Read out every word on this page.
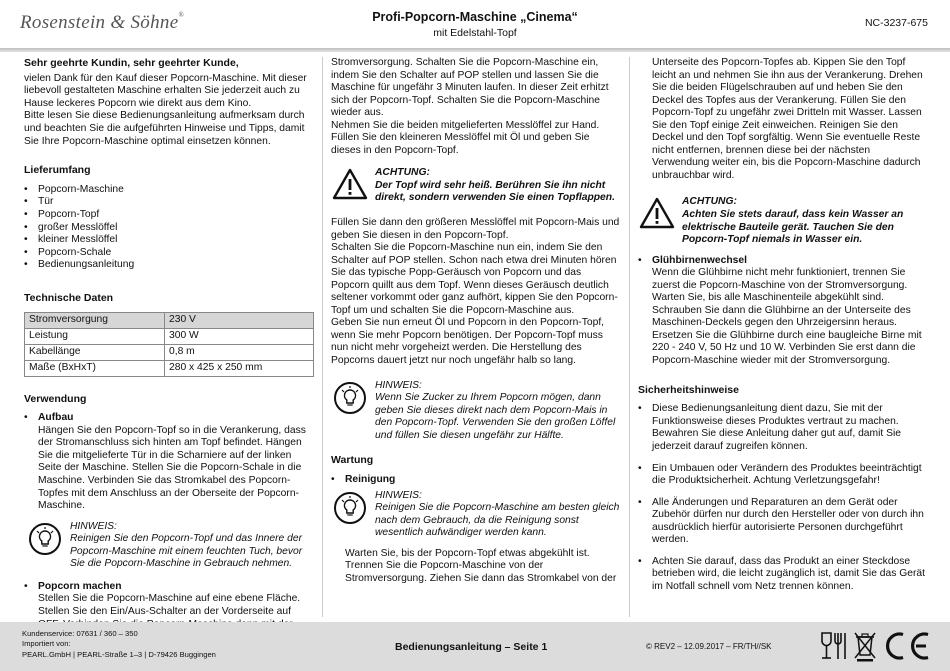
Rosenstein & Söhne®	Profi-Popcorn-Maschine „Cinema“
mit Edelstahl-Topf
NC-3237-675
Sehr geehrte Kundin, sehr geehrter Kunde,

vielen Dank für den Kauf dieser Popcorn-Maschine. Mit dieser liebevoll gestalteten Maschine erhalten Sie jederzeit auch zu Hause leckeres Popcorn wie direkt aus dem Kino.

Bitte lesen Sie diese Bedienungsanleitung aufmerksam durch und beachten Sie die aufgeführten Hinweise und Tipps, damit Sie Ihre Popcorn-Maschine optimal einsetzen können.

Lieferumfang
• Popcorn-Maschine
• Tür
• Popcorn-Topf
• großer Messlöffel
• kleiner Messlöffel
• Popcorn-Schale
• Bedienungsanleitung
Technische Daten
Stromversorgung	230 V
Leistung	300 W
Kabellänge	0,8 m
Maße (BxHxT)	280 x 425 x 250 mm
Verwendung
• Aufbau
Hängen Sie den Popcorn-Topf so in die Verankerung, dass der Stromanschluss sich hinten am Topf befindet. Hängen Sie die mitgelieferte Tür in die Scharniere auf der linken Seite der Maschine. Stellen Sie die Popcorn-Schale in die Maschine. Verbinden Sie das Stromkabel des Popcorn-Topfes mit dem Anschluss an der Oberseite der Popcorn-Maschine.
HINWEIS:
Reinigen Sie den Popcorn-Topf und das Innere der Popcorn-Maschine mit einem feuchten Tuch, bevor Sie die Popcorn-Maschine in Gebrauch nehmen.
• Popcorn machen
Stellen Sie die Popcorn-Maschine auf eine ebene Fläche. Stellen Sie den Ein/Aus-Schalter an der Vorderseite auf

Stromversorgung. Schalten Sie die Popcorn-Maschine ein, indem Sie den Schalter auf POP stellen und lassen Sie die Maschine für ungefähr 3 Minuten laufen. In dieser Zeit erhitzt sich der Popcorn-Topf. Schalten Sie die Popcorn-Maschine wieder aus.

Nehmen Sie die beiden mitgelieferten Messlöffel zur Hand. Füllen Sie den kleineren Messlöffel mit Öl und geben Sie dieses in den Popcorn-Topf.

ACHTUNG:
Der Topf wird sehr heiß. Berühren Sie ihn nicht direkt, sondern verwenden Sie einen Topflappen.

Füllen Sie dann den größeren Messlöffel mit Popcorn-Mais und geben Sie diesen in den Popcorn-Topf.

Schalten Sie die Popcorn-Maschine nun ein, indem Sie den Schalter auf POP stellen. Schon nach etwa drei Minuten hören Sie das typische Popp-Geräusch von Popcorn und das Popcorn quillt aus dem Topf. Wenn dieses Geräusch deutlich seltener vorkommt oder ganz aufhört, kippen Sie den Popcorn-Topf um und schalten Sie die Popcorn-Maschine aus.

Geben Sie nun erneut Öl und Popcorn in den Popcorn-Topf, wenn Sie mehr Popcorn benötigen. Der Popcorn-Topf muss nun nicht mehr vorgeheizt werden. Die Herstellung des Popcorns dauert jetzt nur noch ungefähr halb so lang.

HINWEIS:
Wenn Sie Zucker zu Ihrem Popcorn mögen, dann geben Sie dieses direkt nach dem Popcorn-Mais in den Popcorn-Topf. Verwenden Sie den großen Löffel und füllen Sie diesen ungefähr zur Hälfte.
Wartung
• Reinigung
HINWEIS:
Reinigen Sie die Popcorn-Maschine am besten gleich nach dem Gebrauch, da die Reinigung sonst wesentlich aufwändiger werden kann.

Warten Sie, bis der Popcorn-Topf etwas abgekühlt ist. Trennen Sie die Popcorn-Maschine von der Stromversorgung. Ziehen Sie dann das Stromkabel von der

Unterseite des Popcorn-Topfes ab. Kippen Sie den Topf leicht an und nehmen Sie ihn aus der Verankerung. Drehen Sie die beiden Flügelschrauben auf und heben Sie den Deckel des Topfes aus der Verankerung. Füllen Sie den Popcorn-Topf zu ungefähr zwei Dritteln mit Wasser. Lassen Sie den Topf einige Zeit einweichen. Reinigen Sie den Deckel und den Topf sorgfältig. Wenn Sie eventuelle Reste nicht entfernen, brennen diese bei der nächsten Verwendung weiter ein, bis die Popcorn-Maschine dadurch unbrauchbar wird.

ACHTUNG:
Achten Sie stets darauf, dass kein Wasser an elektrische Bauteile gerät. Tauchen Sie den Popcorn-Topf niemals in Wasser ein.
• Glühbirnenwechsel
Wenn die Glühbirne nicht mehr funktioniert, trennen Sie zuerst die Popcorn-Maschine von der Stromversorgung. Warten Sie, bis alle Maschinenteile abgekühlt sind. Schrauben Sie dann die Glühbirne an der Unterseite des Maschinen-Deckels gegen den Uhrzeigersinn heraus. Ersetzen Sie die Glühbirne durch eine baugleiche Birne mit 220 - 240 V, 50 Hz und 10 W. Verbinden Sie erst dann die Popcorn-Maschine wieder mit der Stromversorgung.
Sicherheitshinweise
• Diese Bedienungsanleitung dient dazu, Sie mit der Funktionsweise dieses Produktes vertraut zu machen. Bewahren Sie diese Anleitung daher gut auf, damit Sie jederzeit darauf zugreifen können.
• Ein Umbauen oder Verändern des Produktes beeinträchtigt die Produktsicherheit. Achtung Verletzungsgefahr!
• Alle Änderungen und Reparaturen an dem Gerät oder Zubehör dürfen nur durch den Hersteller oder von durch ihn ausdrücklich hierfür autorisierte Personen durchgeführt werden.
• Achten Sie darauf, dass das Produkt an einer Steckdose betrieben wird, die leicht zugänglich ist, damit Sie das Gerät im Notfall schnell vom Netz trennen können.
Kundenservice: 07631 / 360 – 350
Importiert von:
PEARL.GmbH | PEARL-Straße 1–3 | D-79426 Buggingen
Bedienungsanleitung – Seite 1	© REV2 – 12.09.2017 – FR/TH//SK
